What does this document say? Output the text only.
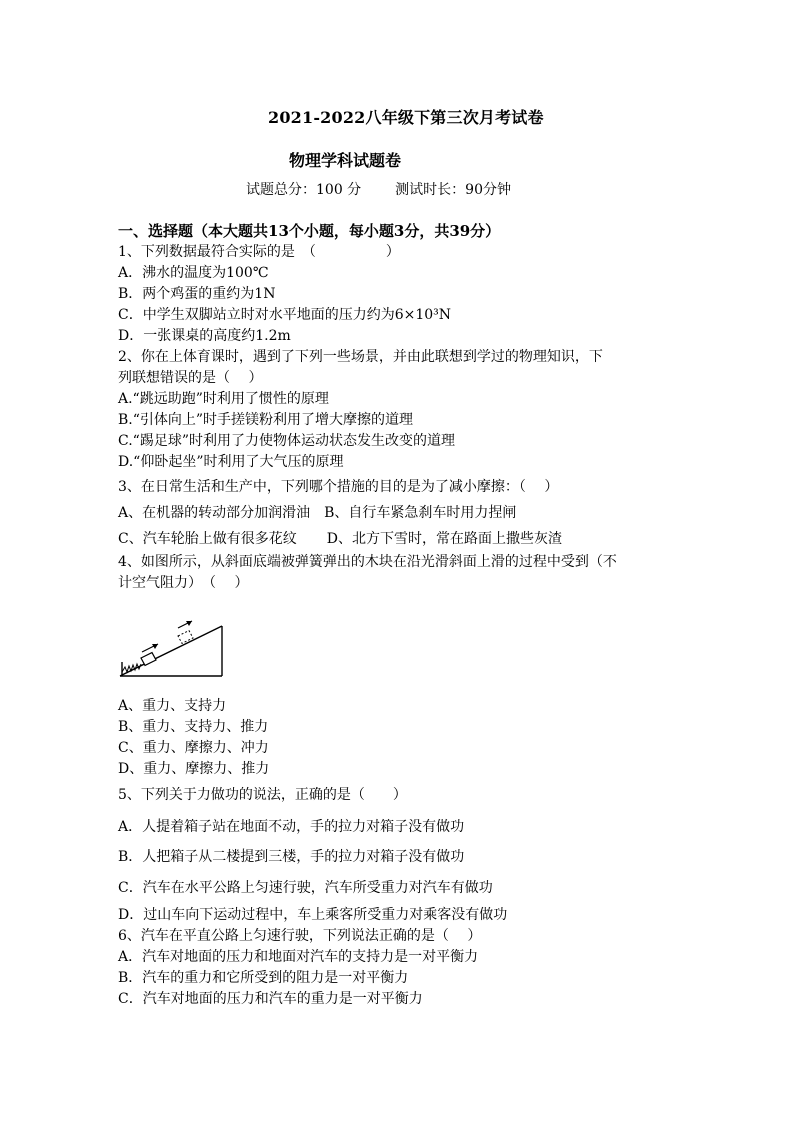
2021-2022八年级下第三次月考试卷
物理学科试题卷
试题总分：100 分 测试时长：90分钟
一、选择题（本大题共13个小题，每小题3分，共39分）
1、下列数据最符合实际的是　（　　　　　）
A．沸水的温度为100℃
B．两个鸡蛋的重约为1N
C．中学生双脚站立时对水平地面的压力约为6×10³N
D．一张课桌的高度约1.2m
2、你在上体育课时，遇到了下列一些场景，并由此联想到学过的物理知识，下
列联想错误的是（　 ）
A.“跳远助跑”时利用了惯性的原理
B.“引体向上”时手搓镁粉利用了增大摩擦的道理
C.“踢足球”时利用了力使物体运动状态发生改变的道理
D.“仰卧起坐”时利用了大气压的原理
3、在日常生活和生产中，下列哪个措施的目的是为了减小摩擦：（　 ）
A、在机器的转动部分加润滑油 B、自行车紧急刹车时用力捏闸
C、汽车轮胎上做有很多花纹 D、北方下雪时，常在路面上撒些灰渣
4、如图所示，从斜面底端被弹簧弹出的木块在沿光滑斜面上滑的过程中受到（不
计空气阻力）　（　 ）
A、重力、支持力
B、重力、支持力、推力
C、重力、摩擦力、冲力
D、重力、摩擦力、推力
5、下列关于力做功的说法，正确的是（　　）
A．人提着箱子站在地面不动，手的拉力对箱子没有做功
B．人把箱子从二楼提到三楼，手的拉力对箱子没有做功
C．汽车在水平公路上匀速行驶，汽车所受重力对汽车有做功
D．过山车向下运动过程中，车上乘客所受重力对乘客没有做功
6、汽车在平直公路上匀速行驶，下列说法正确的是（　 ）
A．汽车对地面的压力和地面对汽车的支持力是一对平衡力
B．汽车的重力和它所受到的阻力是一对平衡力
C．汽车对地面的压力和汽车的重力是一对平衡力
